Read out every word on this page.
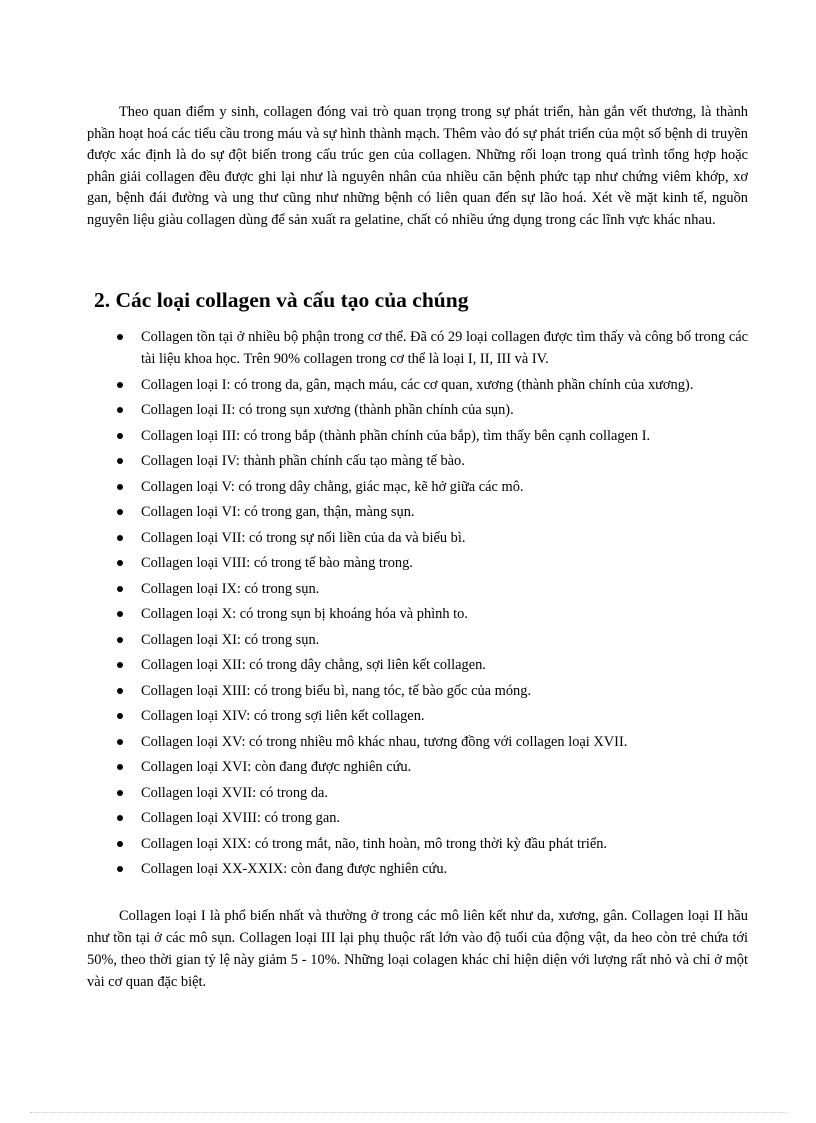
Theo quan điểm y sinh, collagen đóng vai trò quan trọng trong sự phát triển, hàn gắn vết thương, là thành phần hoạt hoá các tiểu cầu trong máu và sự hình thành mạch. Thêm vào đó sự phát triển của một số bệnh di truyền được xác định là do sự đột biến trong cấu trúc gen của collagen. Những rối loạn trong quá trình tổng hợp hoặc phân giải collagen đều được ghi lại như là nguyên nhân của nhiều căn bệnh phức tạp như chứng viêm khớp, xơ gan, bệnh đái đường và ung thư cũng như những bệnh có liên quan đến sự lão hoá. Xét về mặt kinh tế, nguồn nguyên liệu giàu collagen dùng để sản xuất ra gelatine, chất có nhiều ứng dụng trong các lĩnh vực khác nhau.

2. Các loại collagen và cấu tạo của chúng
Collagen tồn tại ở nhiều bộ phận trong cơ thể. Đã có 29 loại collagen được tìm thấy và công bố trong các tài liệu khoa học. Trên 90% collagen trong cơ thể là loại I, II, III và IV.
Collagen loại I: có trong da, gân, mạch máu, các cơ quan, xương (thành phần chính của xương).
Collagen loại II: có trong sụn xương (thành phần chính của sụn).
Collagen loại III: có trong bắp (thành phần chính của bắp), tìm thấy bên cạnh collagen I.
Collagen loại IV: thành phần chính cấu tạo màng tế bào.
Collagen loại V: có trong dây chằng, giác mạc, kẽ hở giữa các mô.
Collagen loại VI: có trong gan, thận, màng sụn.
Collagen loại VII: có trong sự nối liền của da và biểu bì.
Collagen loại VIII: có trong tế bào màng trong.
Collagen loại IX: có trong sụn.
Collagen loại X: có trong sụn bị khoáng hóa và phình to.
Collagen loại XI: có trong sụn.
Collagen loại XII: có trong dây chằng, sợi liên kết collagen.
Collagen loại XIII: có trong biểu bì, nang tóc, tế bào gốc của móng.
Collagen loại XIV: có trong sợi liên kết collagen.
Collagen loại XV: có trong nhiều mô khác nhau, tương đồng với collagen loại XVII.
Collagen loại XVI: còn đang được nghiên cứu.
Collagen loại XVII: có trong da.
Collagen loại XVIII: có trong gan.
Collagen loại XIX: có trong mắt, não, tinh hoàn, mô trong thời kỳ đầu phát triển.
Collagen loại XX-XXIX: còn đang được nghiên cứu.

Collagen loại I là phổ biến nhất và thường ở trong các mô liên kết như da, xương, gân. Collagen loại II hầu như tồn tại ở các mô sụn. Collagen loại III lại phụ thuộc rất lớn vào độ tuổi của động vật, da heo còn trẻ chứa tới 50%, theo thời gian tỷ lệ này giảm 5 - 10%. Những loại colagen khác chỉ hiện diện với lượng rất nhỏ và chỉ ở một vài cơ quan đặc biệt.
